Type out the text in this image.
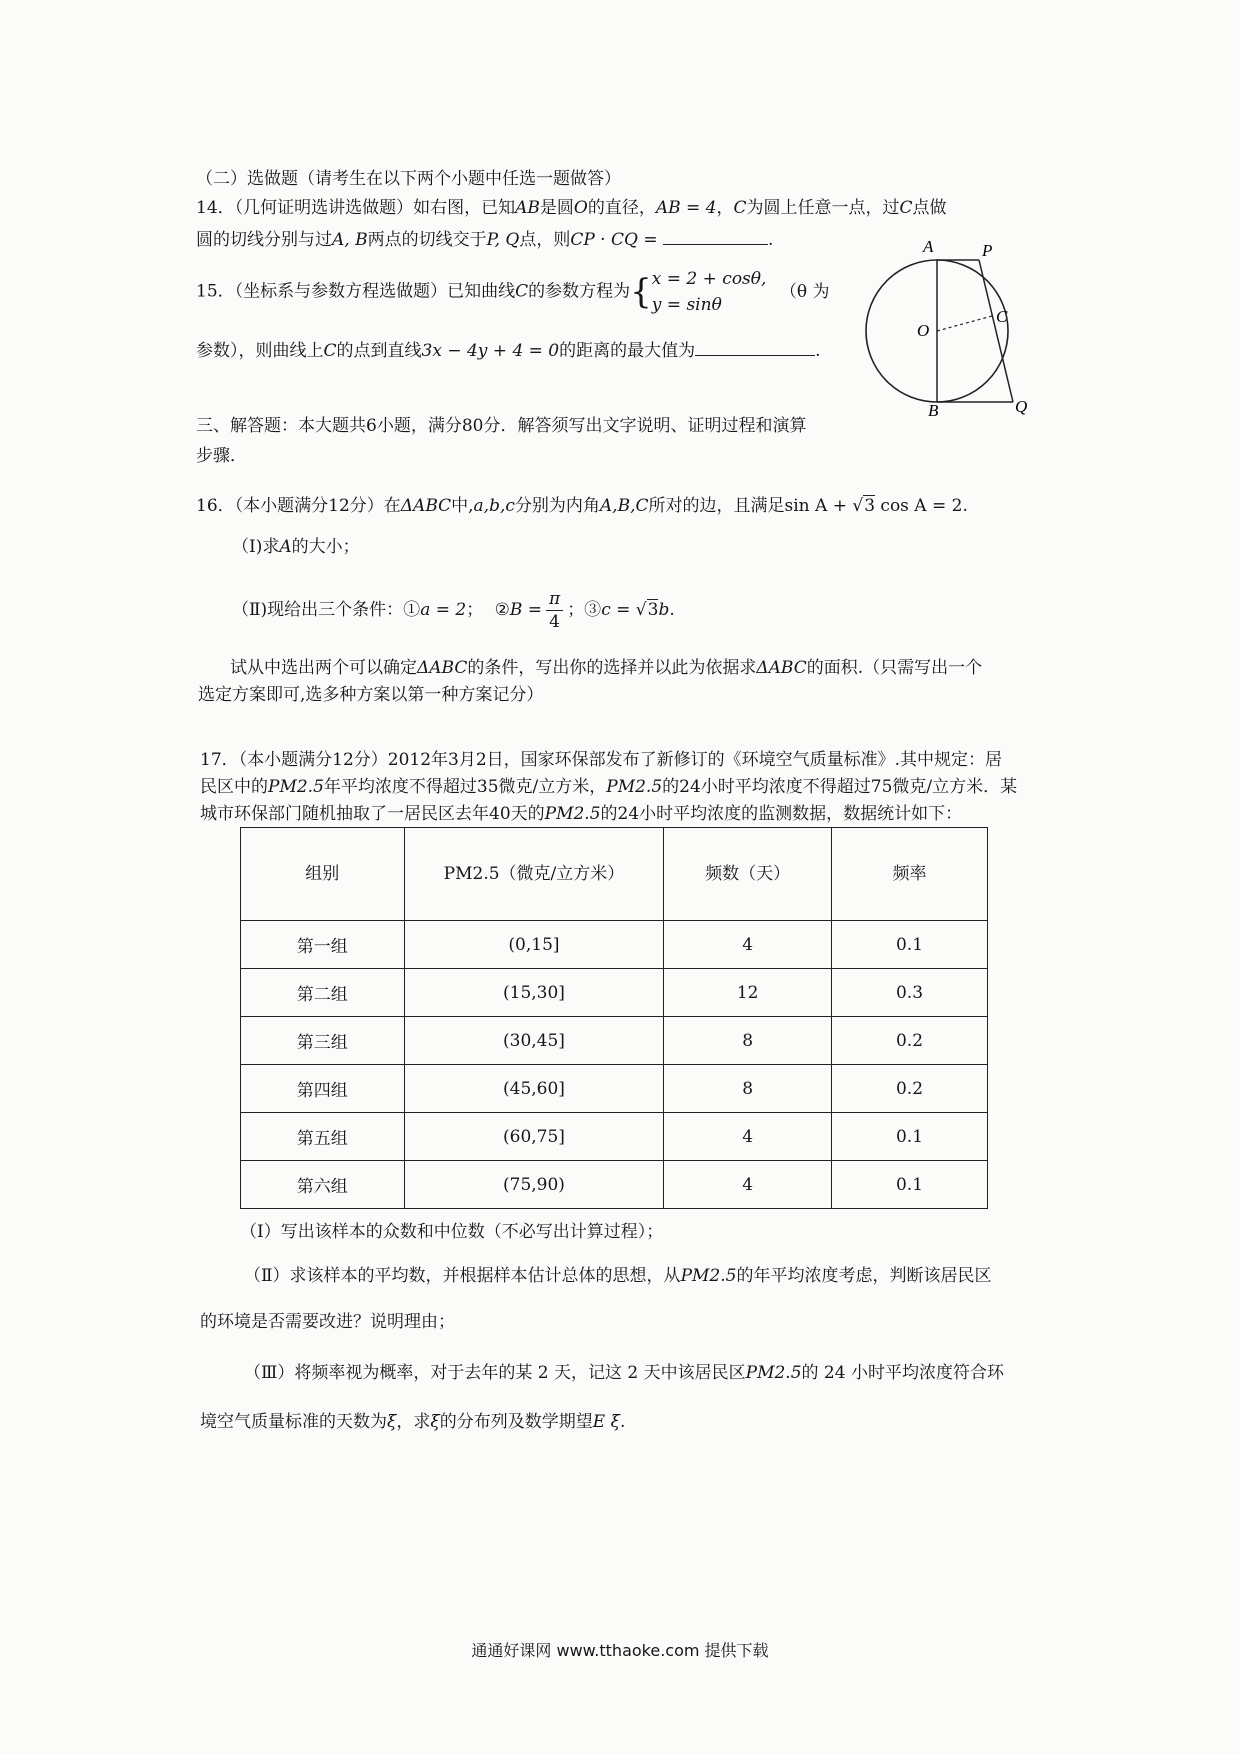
（二）选做题（请考生在以下两个小题中任选一题做答）
14．（几何证明选讲选做题）如右图，已知AB是圆O的直径，AB = 4，C为圆上任意一点，过C点做
圆的切线分别与过A, B两点的切线交于P, Q点，则CP · CQ =	.
15．（坐标系与参数方程选做题）已知曲线C的参数方程为{ x = 2 + cosθ,
y = sinθ
（θ 为
参数），则曲线上C的点到直线3x − 4y + 4 = 0的距离的最大值为	.
A	P
O
C
B	Q
三、解答题：本大题共6小题，满分80分．解答须写出文字说明、证明过程和演算
步骤．
16．（本小题满分12分）在ΔABC中,a,b,c分别为内角A,B,C所对的边，且满足sin A + √3 cos A = 2.
（Ⅰ)求A的大小；
（Ⅱ)现给出三个条件：①a = 2； ②B = $\frac{\pi}{4}$ ；③c = √3b.
试从中选出两个可以确定ΔABC的条件，写出你的选择并以此为依据求ΔABC的面积.（只需写出一个
选定方案即可,选多种方案以第一种方案记分）
17．（本小题满分12分）2012年3月2日，国家环保部发布了新修订的《环境空气质量标准》.其中规定：居
民区中的PM2.5年平均浓度不得超过35微克/立方米，PM2.5的24小时平均浓度不得超过75微克/立方米．某
城市环保部门随机抽取了一居民区去年40天的PM2.5的24小时平均浓度的监测数据，数据统计如下：
组别	PM2.5（微克/立方米）	频数（天）	频率
第一组	(0,15]	4	0.1
第二组	(15,30]	12	0.3
第三组	(30,45]	8	0.2
第四组	(45,60]	8	0.2
第五组	(60,75]	4	0.1
第六组	(75,90)	4	0.1
（Ⅰ）写出该样本的众数和中位数（不必写出计算过程）；
（Ⅱ）求该样本的平均数，并根据样本估计总体的思想，从PM2.5的年平均浓度考虑，判断该居民区
的环境是否需要改进？说明理由；
（Ⅲ）将频率视为概率，对于去年的某 2 天，记这 2 天中该居民区PM2.5的 24 小时平均浓度符合环
境空气质量标准的天数为ξ，求ξ的分布列及数学期望E ξ.
通通好课网 www.tthaoke.com 提供下载
